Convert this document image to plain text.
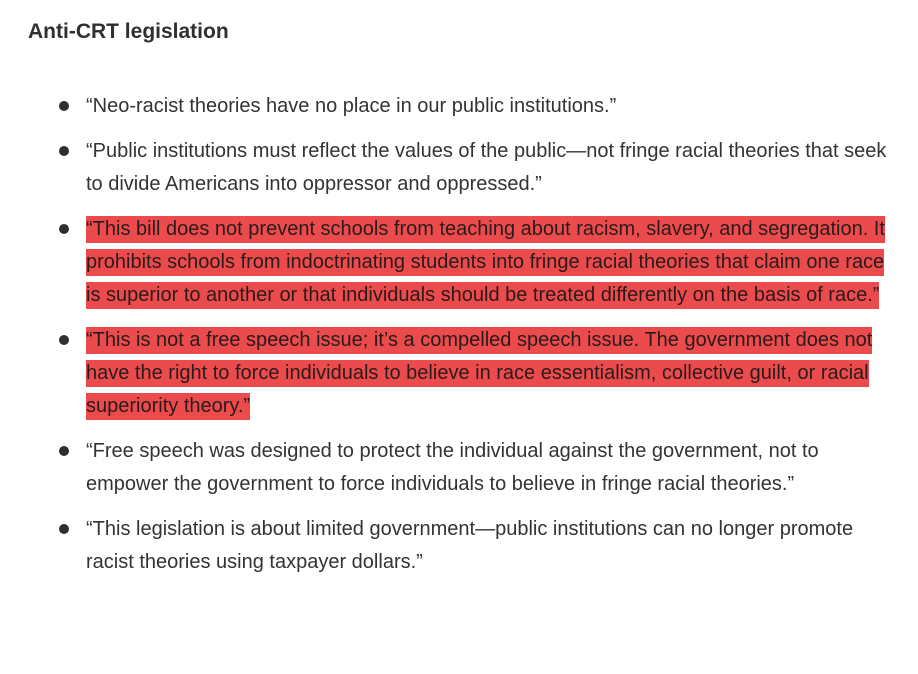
Anti-CRT legislation
“Neo-racist theories have no place in our public institutions.”
“Public institutions must reflect the values of the public—not fringe racial theories that seek to divide Americans into oppressor and oppressed.”
“This bill does not prevent schools from teaching about racism, slavery, and segregation. It prohibits schools from indoctrinating students into fringe racial theories that claim one race is superior to another or that individuals should be treated differently on the basis of race.”
“This is not a free speech issue; it’s a compelled speech issue. The government does not have the right to force individuals to believe in race essentialism, collective guilt, or racial superiority theory.”
“Free speech was designed to protect the individual against the government, not to empower the government to force individuals to believe in fringe racial theories.”
“This legislation is about limited government—public institutions can no longer promote racist theories using taxpayer dollars.”
